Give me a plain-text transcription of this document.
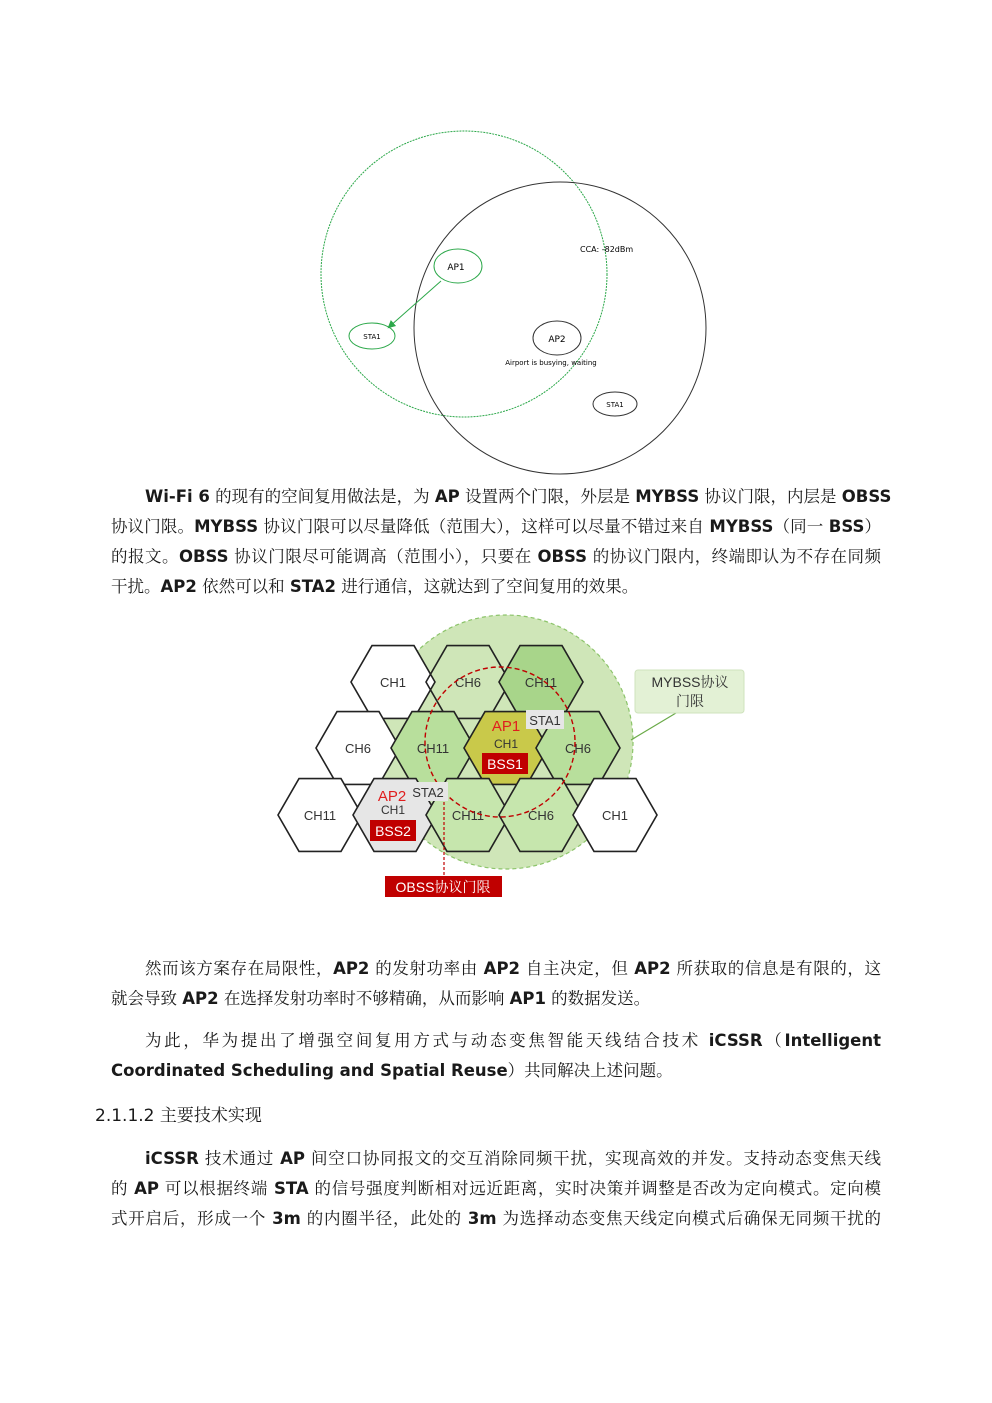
AP1
STA1
CCA: -82dBm
AP2
Airport is busying, waiting
STA1
Wi-Fi 6 的现有的空间复用做法是，为 AP 设置两个门限，外层是 MYBSS 协议门限，内层是 OBSS
协议门限。MYBSS 协议门限可以尽量降低（范围大），这样可以尽量不错过来自 MYBSS（同一 BSS）
的报文。OBSS 协议门限尽可能调高（范围小），只要在 OBSS 的协议门限内，终端即认为不存在同频
干扰。AP2 依然可以和 STA2 进行通信，这就达到了空间复用的效果。
CH1	CH6	CH11
CH6	CH11	CH6
CH11	CH11	CH6	CH1
AP1
CH1
BSS1
STA1
AP2
CH1
BSS2
STA2
OBSS协议门限
MYBSS协议
门限
然而该方案存在局限性，AP2 的发射功率由 AP2 自主决定，但 AP2 所获取的信息是有限的，这
就会导致 AP2 在选择发射功率时不够精确，从而影响 AP1 的数据发送。
为此，华为提出了增强空间复用方式与动态变焦智能天线结合技术 iCSSR（Intelligent
Coordinated Scheduling and Spatial Reuse）共同解决上述问题。
2.1.1.2 主要技术实现
iCSSR 技术通过 AP 间空口协同报文的交互消除同频干扰，实现高效的并发。支持动态变焦天线
的 AP 可以根据终端 STA 的信号强度判断相对远近距离，实时决策并调整是否改为定向模式。定向模
式开启后，形成一个 3m 的内圈半径，此处的 3m 为选择动态变焦天线定向模式后确保无同频干扰的
